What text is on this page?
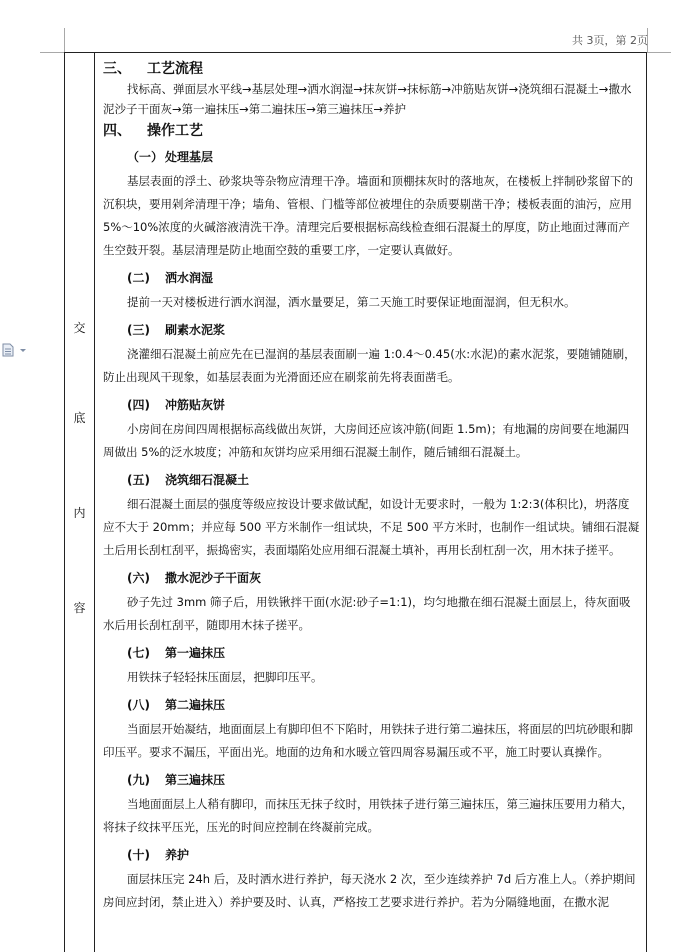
共 3页，第 2页
交
底
内
容
三、 工艺流程

找标高、弹面层水平线→基层处理→洒水润湿→抹灰饼→抹标筋→冲筋贴灰饼→浇筑细石混凝土→撒水泥沙子干面灰→第一遍抹压→第二遍抹压→第三遍抹压→养护

四、 操作工艺
（一） 处理基层

基层表面的浮土、砂浆块等杂物应清理干净。墙面和顶棚抹灰时的落地灰，在楼板上拌制砂浆留下的沉积块，要用剁斧清理干净；墙角、管根、门槛等部位被埋住的杂质要剔凿干净；楼板表面的油污，应用 5%～10%浓度的火碱溶液清洗干净。清理完后要根据标高线检查细石混凝土的厚度，防止地面过薄而产生空鼓开裂。基层清理是防止地面空鼓的重要工序，一定要认真做好。

(二) 洒水润湿

提前一天对楼板进行洒水润湿，洒水量要足，第二天施工时要保证地面湿润，但无积水。

(三) 刷素水泥浆

浇灌细石混凝土前应先在已湿润的基层表面刷一遍 1:0.4～0.45(水:水泥)的素水泥浆，要随铺随刷，防止出现风干现象，如基层表面为光滑面还应在刷浆前先将表面凿毛。

(四) 冲筋贴灰饼

小房间在房间四周根据标高线做出灰饼，大房间还应该冲筋(间距 1.5m)；有地漏的房间要在地漏四周做出 5%的泛水坡度；冲筋和灰饼均应采用细石混凝土制作，随后铺细石混凝土。

(五) 浇筑细石混凝土

细石混凝土面层的强度等级应按设计要求做试配，如设计无要求时，一般为 1:2:3(体积比)，坍落度应不大于 20mm；并应每 500 平方米制作一组试块，不足 500 平方米时，也制作一组试块。铺细石混凝土后用长刮杠刮平，振捣密实，表面塌陷处应用细石混凝土填补，再用长刮杠刮一次，用木抹子搓平。

(六) 撒水泥沙子干面灰

砂子先过 3mm 筛子后，用铁锹拌干面(水泥:砂子=1:1)，均匀地撒在细石混凝土面层上，待灰面吸水后用长刮杠刮平，随即用木抹子搓平。

(七) 第一遍抹压

用铁抹子轻轻抹压面层，把脚印压平。

(八) 第二遍抹压

当面层开始凝结，地面面层上有脚印但不下陷时，用铁抹子进行第二遍抹压，将面层的凹坑砂眼和脚印压平。要求不漏压，平面出光。地面的边角和水暖立管四周容易漏压或不平，施工时要认真操作。

(九) 第三遍抹压

当地面面层上人稍有脚印，而抹压无抹子纹时，用铁抹子进行第三遍抹压，第三遍抹压要用力稍大，将抹子纹抹平压光，压光的时间应控制在终凝前完成。

(十) 养护

面层抹压完 24h 后，及时洒水进行养护，每天浇水 2 次，至少连续养护 7d 后方准上人。（养护期间房间应封闭，禁止进入）养护要及时、认真，严格按工艺要求进行养护。若为分隔缝地面，在撒水泥
